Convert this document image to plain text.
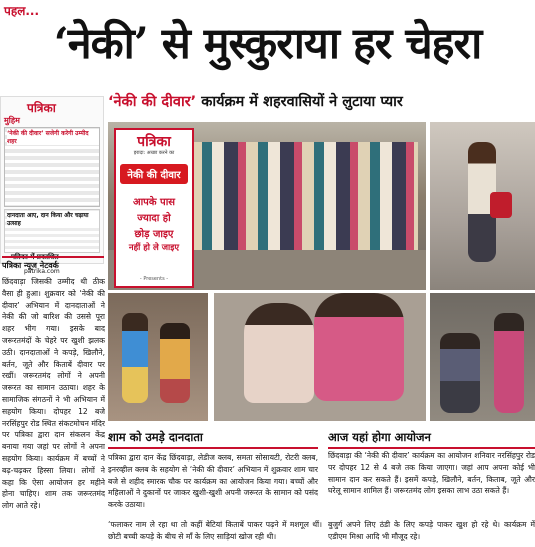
पहल...
‘नेकी’ से मुस्कुराया हर चेहरा
‘नेकी की दीवार’ कार्यक्रम में शहरवासियों ने लुटाया प्यार
पत्रिका
मुहिम
‘नेकी की दीवार’ सजेगी करेगी उम्मीद शहर
दानदाता आए, दान किया और चढ़ाया उत्साह
पत्रिका में प्रकाशित
पत्रिका न्यूज नेटवर्क
patrika.com
छिंदवाड़ा जिसकी उम्मीद थी ठीक वैसा ही हुआ। शुक्रवार को ‘नेकी की दीवार’ अभियान में दानदाताओं ने नेकी की जो बारिश की उससे पूरा शहर भीग गया। इसके बाद जरूरतमंदों के चेहरे पर खुशी झलक उठी। दानदाताओं ने कपड़े, खिलौने, बर्तन, जूते और किताबें दीवार पर रखीं। जरूरतमंद लोगों ने अपनी जरूरत का सामान उठाया। शहर के सामाजिक संगठनों ने भी अभियान में सहयोग किया। दोपहर 12 बजे नरसिंहपुर रोड स्थित संकटमोचन मंदिर पर पत्रिका द्वारा दान संकलन केंद्र बनाया गया जहां पर लोगों ने अपना सहयोग किया। कार्यक्रम में बच्चों ने बढ़-चढ़कर हिस्सा लिया। लोगों ने कहा कि ऐसा आयोजन हर महीने होना चाहिए। शाम तक जरूरतमंद लोग आते रहे।
पत्रिका
इरादा: अच्छा करने का
नेकी की दीवार
आपके पास
ज्यादा हो
छोड़ जाइए
नहीं हो ले जाइए
- Presents -
शाम को उमड़े दानदाता
पत्रिका द्वारा दान केंद्र छिंदवाड़ा, लेडीज क्लब, समता सोसायटी, रोटरी क्लब, इनरव्हील क्लब के सहयोग से ‘नेकी की दीवार’ अभियान में शुक्रवार शाम चार बजे से शहीद स्मारक चौक पर कार्यक्रम का आयोजन किया गया। बच्चों और महिलाओं ने दुकानों पर जाकर खुशी-खुशी अपनी जरूरत के सामान को पसंद करके उठाया।
आज यहां होगा आयोजन
छिंदवाड़ा की ‘नेकी की दीवार’ कार्यक्रम का आयोजन शनिवार नरसिंहपुर रोड पर दोपहर 12 से 4 बजे तक किया जाएगा। जहां आप अपना कोई भी सामान दान कर सकते हैं। इसमें कपड़े, खिलौने, बर्तन, किताब, जूते और घरेलू सामान शामिल हैं। जरूरतमंद लोग इसका लाभ उठा सकते हैं।
‘फलाकर नाम ले रहा था तो कहीं बेटियां किताबें पाकर पढ़ने में मशगूल थीं। छोटी बच्ची कपड़े के बीच से माँ के लिए साड़ियां खोज रही थी।
बुजुर्ग अपने लिए ठंडी के लिए कपड़े पाकर खुश हो रहे थे। कार्यक्रम में एडीएम मिश्रा आदि भी मौजूद रहे।
